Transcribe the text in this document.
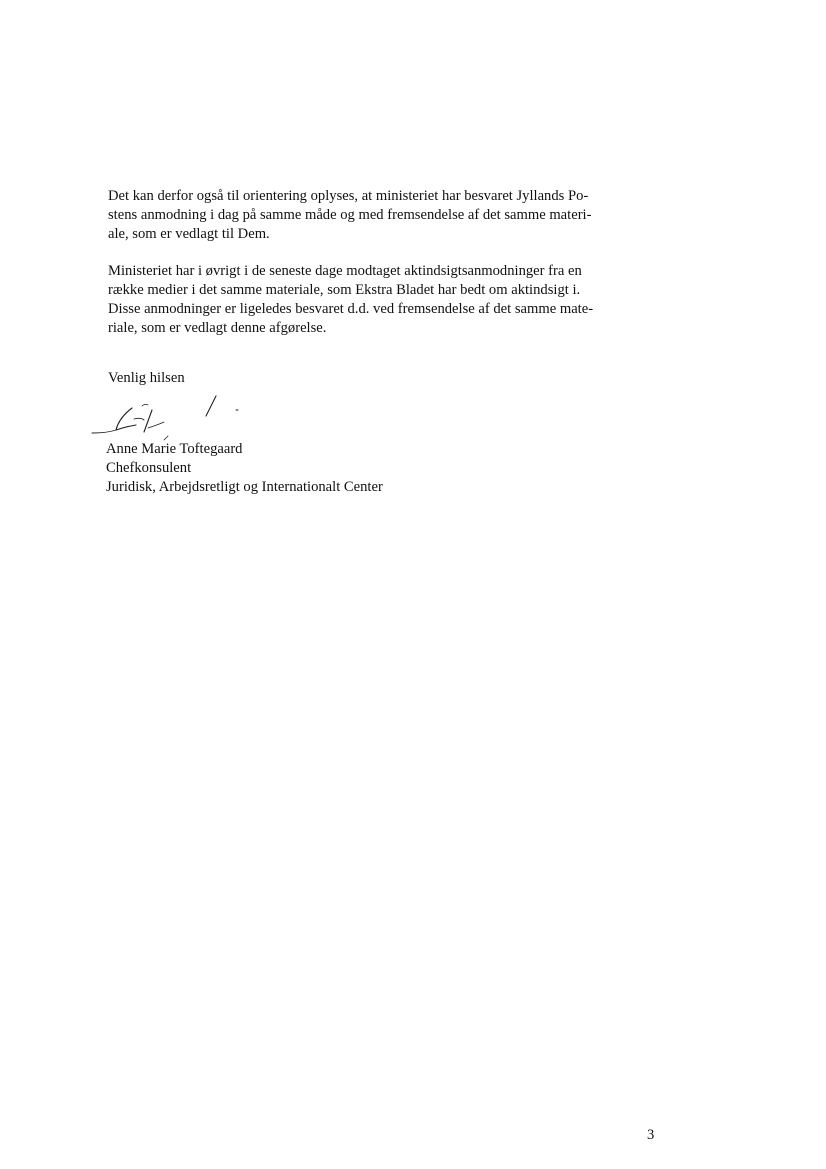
Det kan derfor også til orientering oplyses, at ministeriet har besvaret Jyllands Po-
stens anmodning i dag på samme måde og med fremsendelse af det samme materi-
ale, som er vedlagt til Dem.

Ministeriet har i øvrigt i de seneste dage modtaget aktindsigtsanmodninger fra en
række medier i det samme materiale, som Ekstra Bladet har bedt om aktindsigt i.
Disse anmodninger er ligeledes besvaret d.d. ved fremsendelse af det samme mate-
riale, som er vedlagt denne afgørelse.

Venlig hilsen

Anne Marie Toftegaard
Chefkonsulent
Juridisk, Arbejdsretligt og Internationalt Center
3
